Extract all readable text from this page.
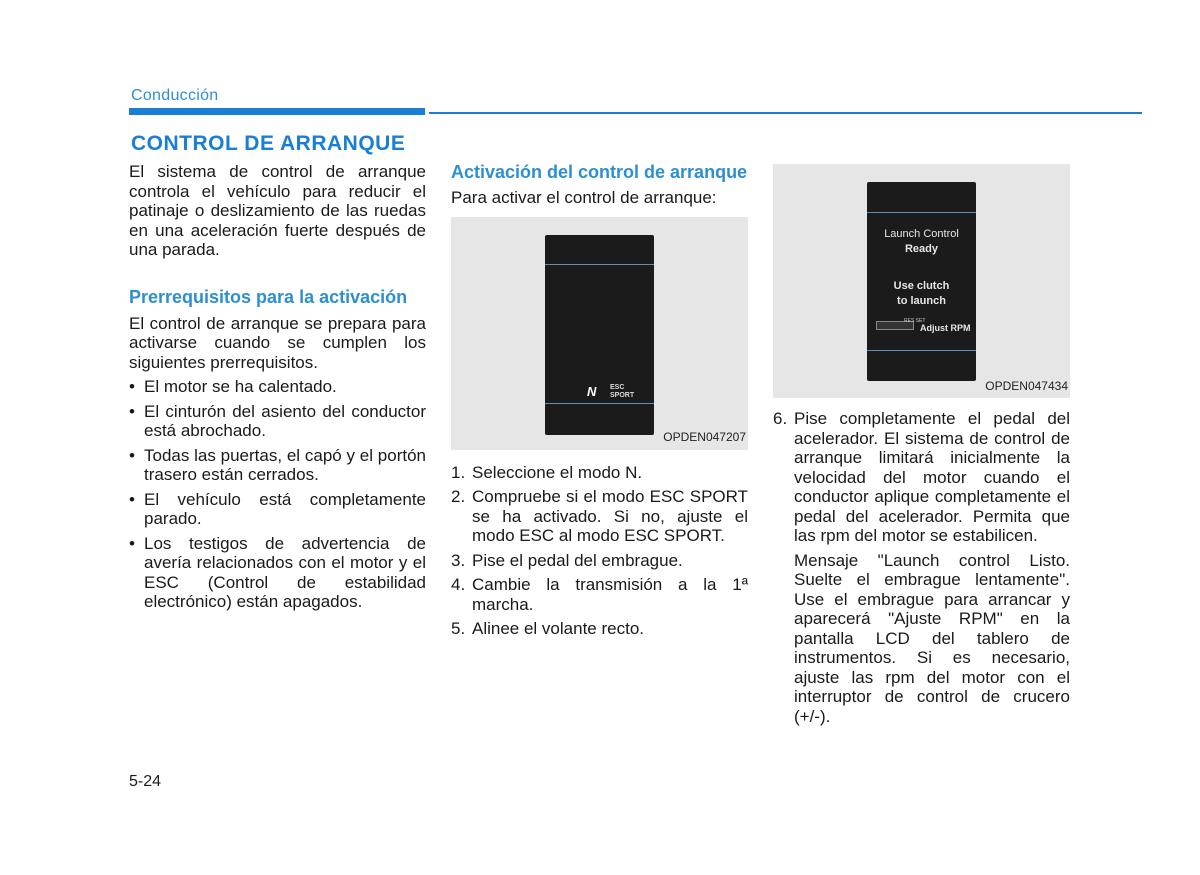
Conducción
CONTROL DE ARRANQUE

El sistema de control de arranque controla el vehículo para reducir el patinaje o deslizamiento de las ruedas en una aceleración fuerte después de una parada.

Prerrequisitos para la activación

El control de arranque se prepara para activarse cuando se cumplen los siguientes prerrequisitos.

• El motor se ha calentado.
• El cinturón del asiento del conductor está abrochado.
• Todas las puertas, el capó y el portón trasero están cerrados.
• El vehículo está completamente parado.
• Los testigos de advertencia de avería relacionados con el motor y el ESC (Control de estabilidad electrónico) están apagados.
Activación del control de arranque

Para activar el control de arranque:

N	ESC
SPORT
OPDEN047207
1. Seleccione el modo N.
2. Compruebe si el modo ESC SPORT se ha activado. Si no, ajuste el modo ESC al modo ESC SPORT.
3. Pise el pedal del embrague.
4. Cambie la transmisión a la 1ª marcha.
5. Alinee el volante recto.
Launch Control
Ready
Use clutch
to launch
RES SET
Adjust RPM
OPDEN047434
6. Pise completamente el pedal del acelerador. El sistema de control de arranque limitará inicialmente la velocidad del motor cuando el conductor aplique completamente el pedal del acelerador. Permita que las rpm del motor se estabilicen.

Mensaje "Launch control Listo. Suelte el embrague lentamente". Use el embrague para arrancar y aparecerá "Ajuste RPM" en la pantalla LCD del tablero de instrumentos. Si es necesario, ajuste las rpm del motor con el interruptor de control de crucero (+/-).

5-24
